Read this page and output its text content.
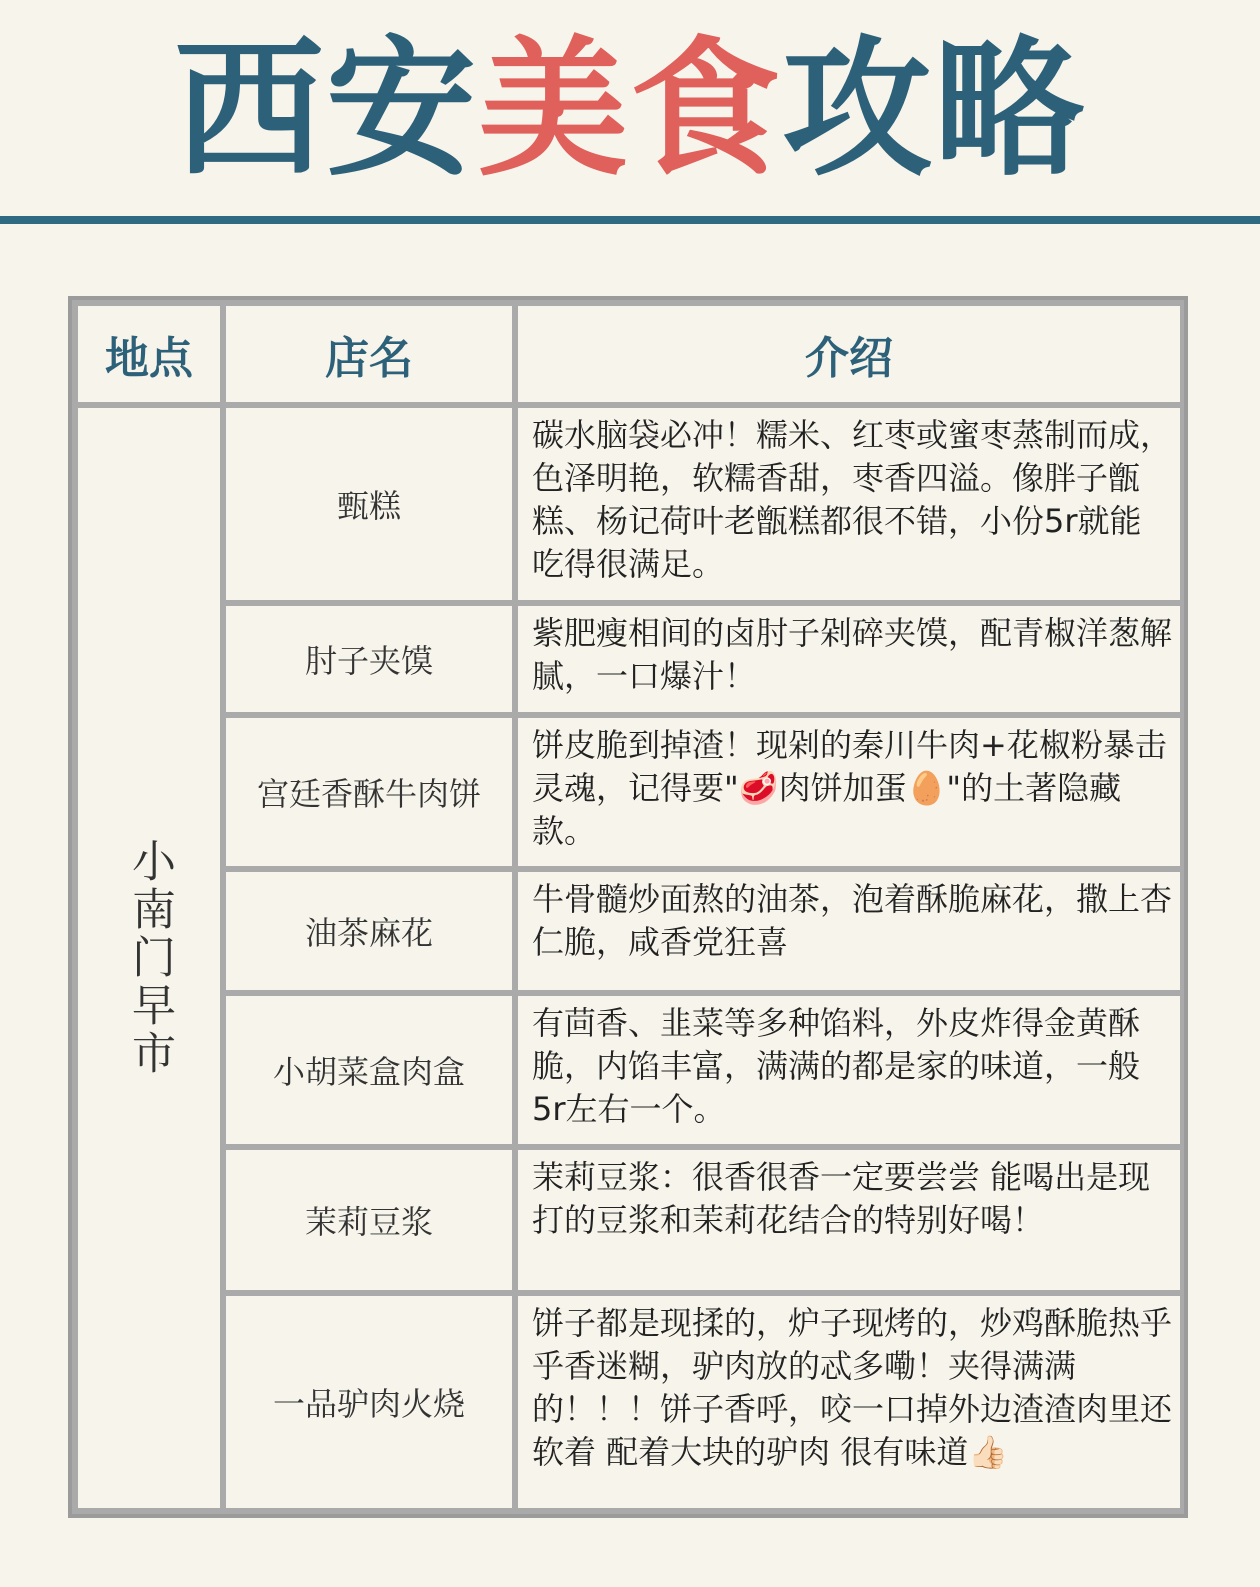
西安美食攻略
地点	店名	介绍
小南门早市
甄糕
碳水脑袋必冲！糯米、红枣或蜜枣蒸制而成，色泽明艳，软糯香甜，枣香四溢。像胖子甑糕、杨记荷叶老甑糕都很不错，小份5r就能吃得很满足。
肘子夹馍
紫肥瘦相间的卤肘子剁碎夹馍，配青椒洋葱解腻，一口爆汁！
宫廷香酥牛肉饼
饼皮脆到掉渣！现剁的秦川牛肉+花椒粉暴击灵魂，记得要"🥩肉饼加蛋🥚"的土著隐藏款。
油茶麻花
牛骨髓炒面熬的油茶，泡着酥脆麻花，撒上杏仁脆，咸香党狂喜
小胡菜盒肉盒
有茴香、韭菜等多种馅料，外皮炸得金黄酥脆，内馅丰富，满满的都是家的味道，一般5r左右一个。
茉莉豆浆
茉莉豆浆：很香很香一定要尝尝 能喝出是现打的豆浆和茉莉花结合的特别好喝！
一品驴肉火烧
饼子都是现揉的，炉子现烤的，炒鸡酥脆热乎乎香迷糊，驴肉放的忒多嘞！夹得满满的！！！饼子香呼，咬一口掉外边渣渣肉里还软着 配着大块的驴肉 很有味道👍🏻
